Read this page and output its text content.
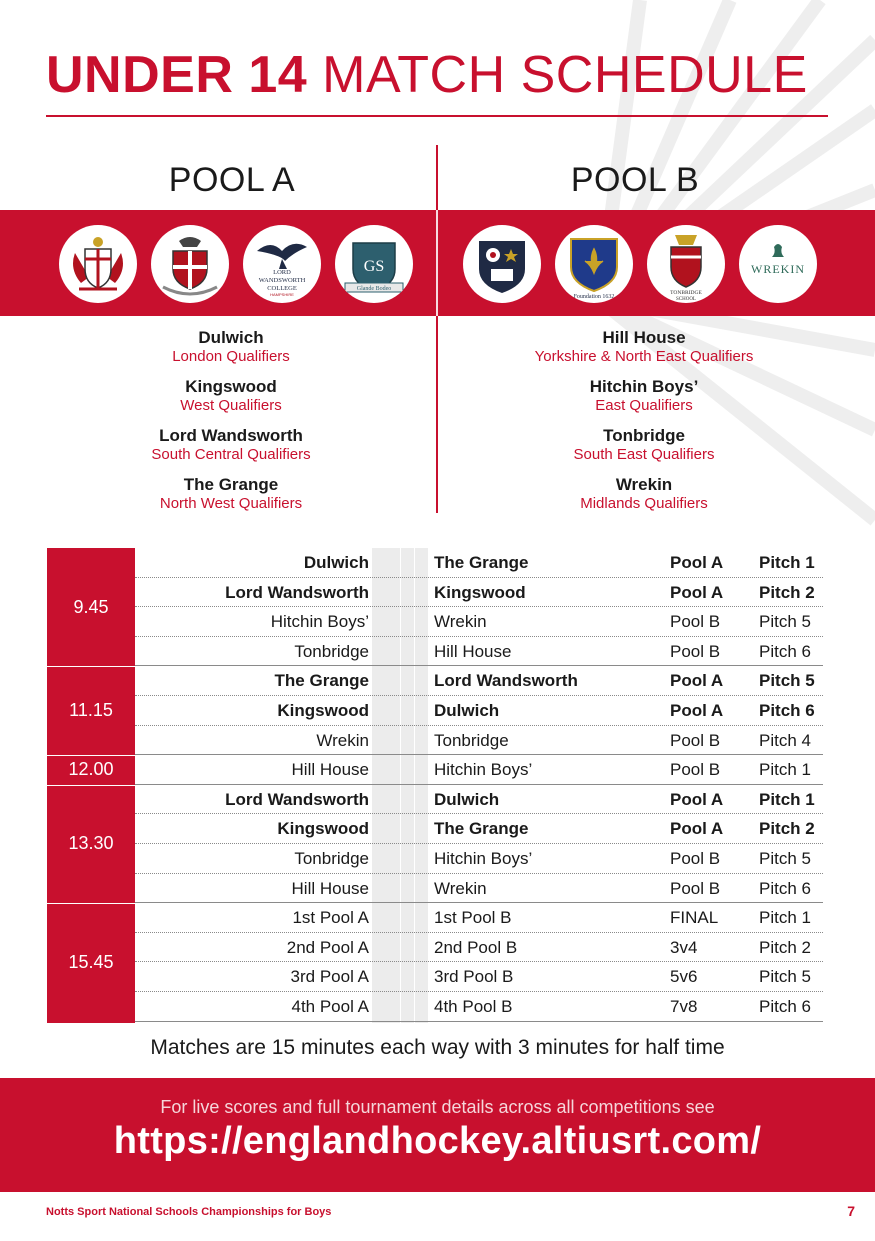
UNDER 14 MATCH SCHEDULE
POOL A	POOL B
LORD
WANDSWORTH
COLLEGE
HAMPSHIRE
GS
Glande Bodeo
Foundation 1632
TONBRIDGE
SCHOOL
WREKIN
Dulwich
London Qualifiers
Kingswood
West Qualifiers
Lord Wandsworth
South Central Qualifiers
The Grange
North West Qualifiers
Hill House
Yorkshire & North East Qualifiers
Hitchin Boys’
East Qualifiers
Tonbridge
South East Qualifiers
Wrekin
Midlands Qualifiers
9.45
Dulwich	The Grange	Pool A Pitch 1
Lord Wandsworth	Kingswood	Pool A Pitch 2
Hitchin Boys’	Wrekin	Pool B Pitch 5
Tonbridge	Hill House	Pool B Pitch 6
11.15
The Grange	Lord Wandsworth	Pool A Pitch 5
Kingswood	Dulwich	Pool A Pitch 6
Wrekin	Tonbridge	Pool B Pitch 4
12.00	Hill House	Hitchin Boys’	Pool B Pitch 1
13.30
Lord Wandsworth	Dulwich	Pool A Pitch 1
Kingswood	The Grange	Pool A Pitch 2
Tonbridge	Hitchin Boys’	Pool B Pitch 5
Hill House	Wrekin	Pool B Pitch 6
15.45
1st Pool A	1st Pool B	FINAL Pitch 1
2nd Pool A	2nd Pool B	3v4	Pitch 2
3rd Pool A	3rd Pool B	5v6	Pitch 5
4th Pool A	4th Pool B	7v8	Pitch 6
Matches are 15 minutes each way with 3 minutes for half time
For live scores and full tournament details across all competitions see
https://englandhockey.altiusrt.com/
Notts Sport National Schools Championships for Boys	7
